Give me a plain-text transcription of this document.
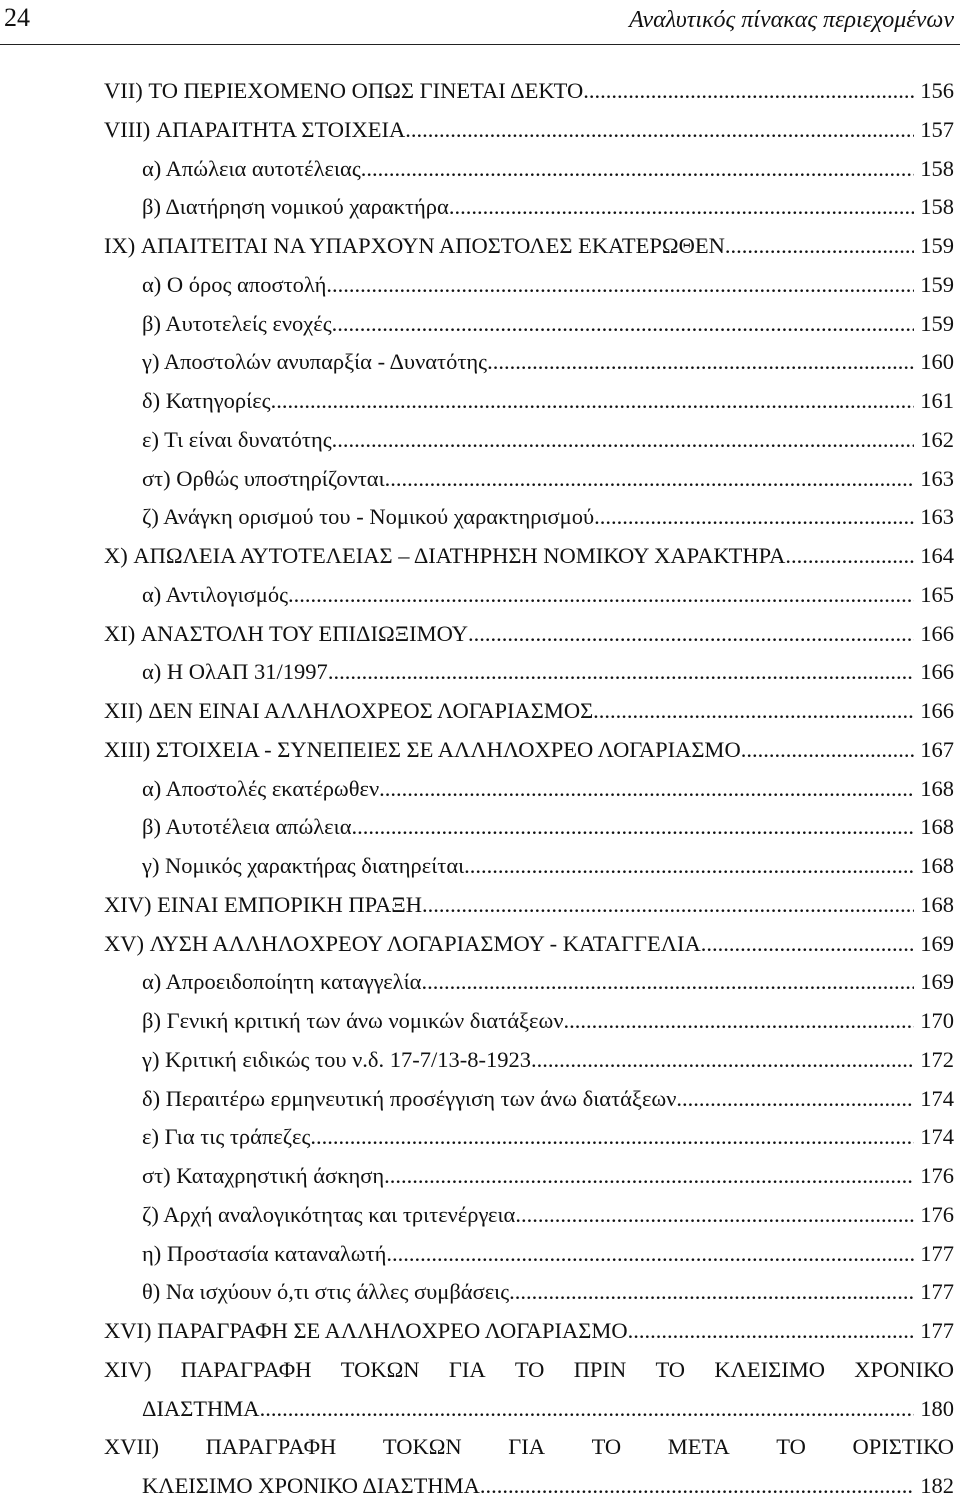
24	Αναλυτικός πίνακας περιεχομένων
VII) ΤΟ ΠΕΡΙΕΧΟΜΕΝΟ ΟΠΩΣ ΓΙΝΕΤΑΙ ΔΕΚΤΟ .....	156
VIII) ΑΠΑΡΑΙΤΗΤΑ ΣΤΟΙΧΕΙΑ .....	157
α) Απώλεια αυτοτέλειας .....	158
β) Διατήρηση νομικού χαρακτήρα .....	158
IX) ΑΠΑΙΤΕΙΤΑΙ ΝΑ ΥΠΑΡΧΟΥΝ ΑΠΟΣΤΟΛΕΣ ΕΚΑΤΕΡΩΘΕΝ .....	159
α) Ο όρος αποστολή .....	159
β) Αυτοτελείς ενοχές .....	159
γ) Αποστολών ανυπαρξία - Δυνατότης .....	160
δ) Κατηγορίες .....	161
ε) Τι είναι δυνατότης .....	162
στ) Ορθώς υποστηρίζονται .....	163
ζ) Ανάγκη ορισμού του - Νομικού χαρακτηρισμού .....	163
X) ΑΠΩΛΕΙΑ ΑΥΤΟΤΕΛΕΙΑΣ – ΔΙΑΤΗΡΗΣΗ ΝΟΜΙΚΟΥ ΧΑΡΑΚΤΗΡΑ .....	164
α) Αντιλογισμός .....	165
XI) ΑΝΑΣΤΟΛΗ ΤΟΥ ΕΠΙΔΙΩΞΙΜΟΥ .....	166
α) Η ΟλΑΠ 31/1997 .....	166
XII) ΔΕΝ ΕΙΝΑΙ ΑΛΛΗΛΟΧΡΕΟΣ ΛΟΓΑΡΙΑΣΜΟΣ .....	166
XIII) ΣΤΟΙΧΕΙΑ - ΣΥΝΕΠΕΙΕΣ ΣΕ ΑΛΛΗΛΟΧΡΕΟ ΛΟΓΑΡΙΑΣΜΟ .....	167
α) Αποστολές εκατέρωθεν .....	168
β) Αυτοτέλεια απώλεια .....	168
γ) Νομικός χαρακτήρας διατηρείται .....	168
XIV) ΕΙΝΑΙ ΕΜΠΟΡΙΚΗ ΠΡΑΞΗ .....	168
XV) ΛΥΣΗ ΑΛΛΗΛΟΧΡΕΟΥ ΛΟΓΑΡΙΑΣΜΟΥ - ΚΑΤΑΓΓΕΛΙΑ .....	169
α) Απροειδοποίητη καταγγελία .....	169
β) Γενική κριτική των άνω νομικών διατάξεων .....	170
γ) Κριτική ειδικώς του ν.δ. 17-7/13-8-1923 .....	172
δ) Περαιτέρω ερμηνευτική προσέγγιση των άνω διατάξεων .....	174
ε) Για τις τράπεζες .....	174
στ) Καταχρηστική άσκηση .....	176
ζ) Αρχή αναλογικότητας και τριτενέργεια .....	176
η) Προστασία καταναλωτή .....	177
θ) Να ισχύουν ό,τι στις άλλες συμβάσεις .....	177
XVI) ΠΑΡΑΓΡΑΦΗ ΣΕ ΑΛΛΗΛΟΧΡΕΟ ΛΟΓΑΡΙΑΣΜΟ .....	177
XIV) ΠΑΡΑΓΡΑΦΗ ΤΟΚΩΝ ΓΙΑ ΤΟ ΠΡΙΝ ΤΟ ΚΛΕΙΣΙΜΟ ΧΡΟΝΙΚΟ
ΔΙΑΣΤΗΜΑ .....	180
XVII) ΠΑΡΑΓΡΑΦΗ ΤΟΚΩΝ ΓΙΑ ΤΟ ΜΕΤΑ ΤΟ ΟΡΙΣΤΙΚΟ
ΚΛΕΙΣΙΜΟ ΧΡΟΝΙΚΟ ΔΙΑΣΤΗΜΑ .....	182
